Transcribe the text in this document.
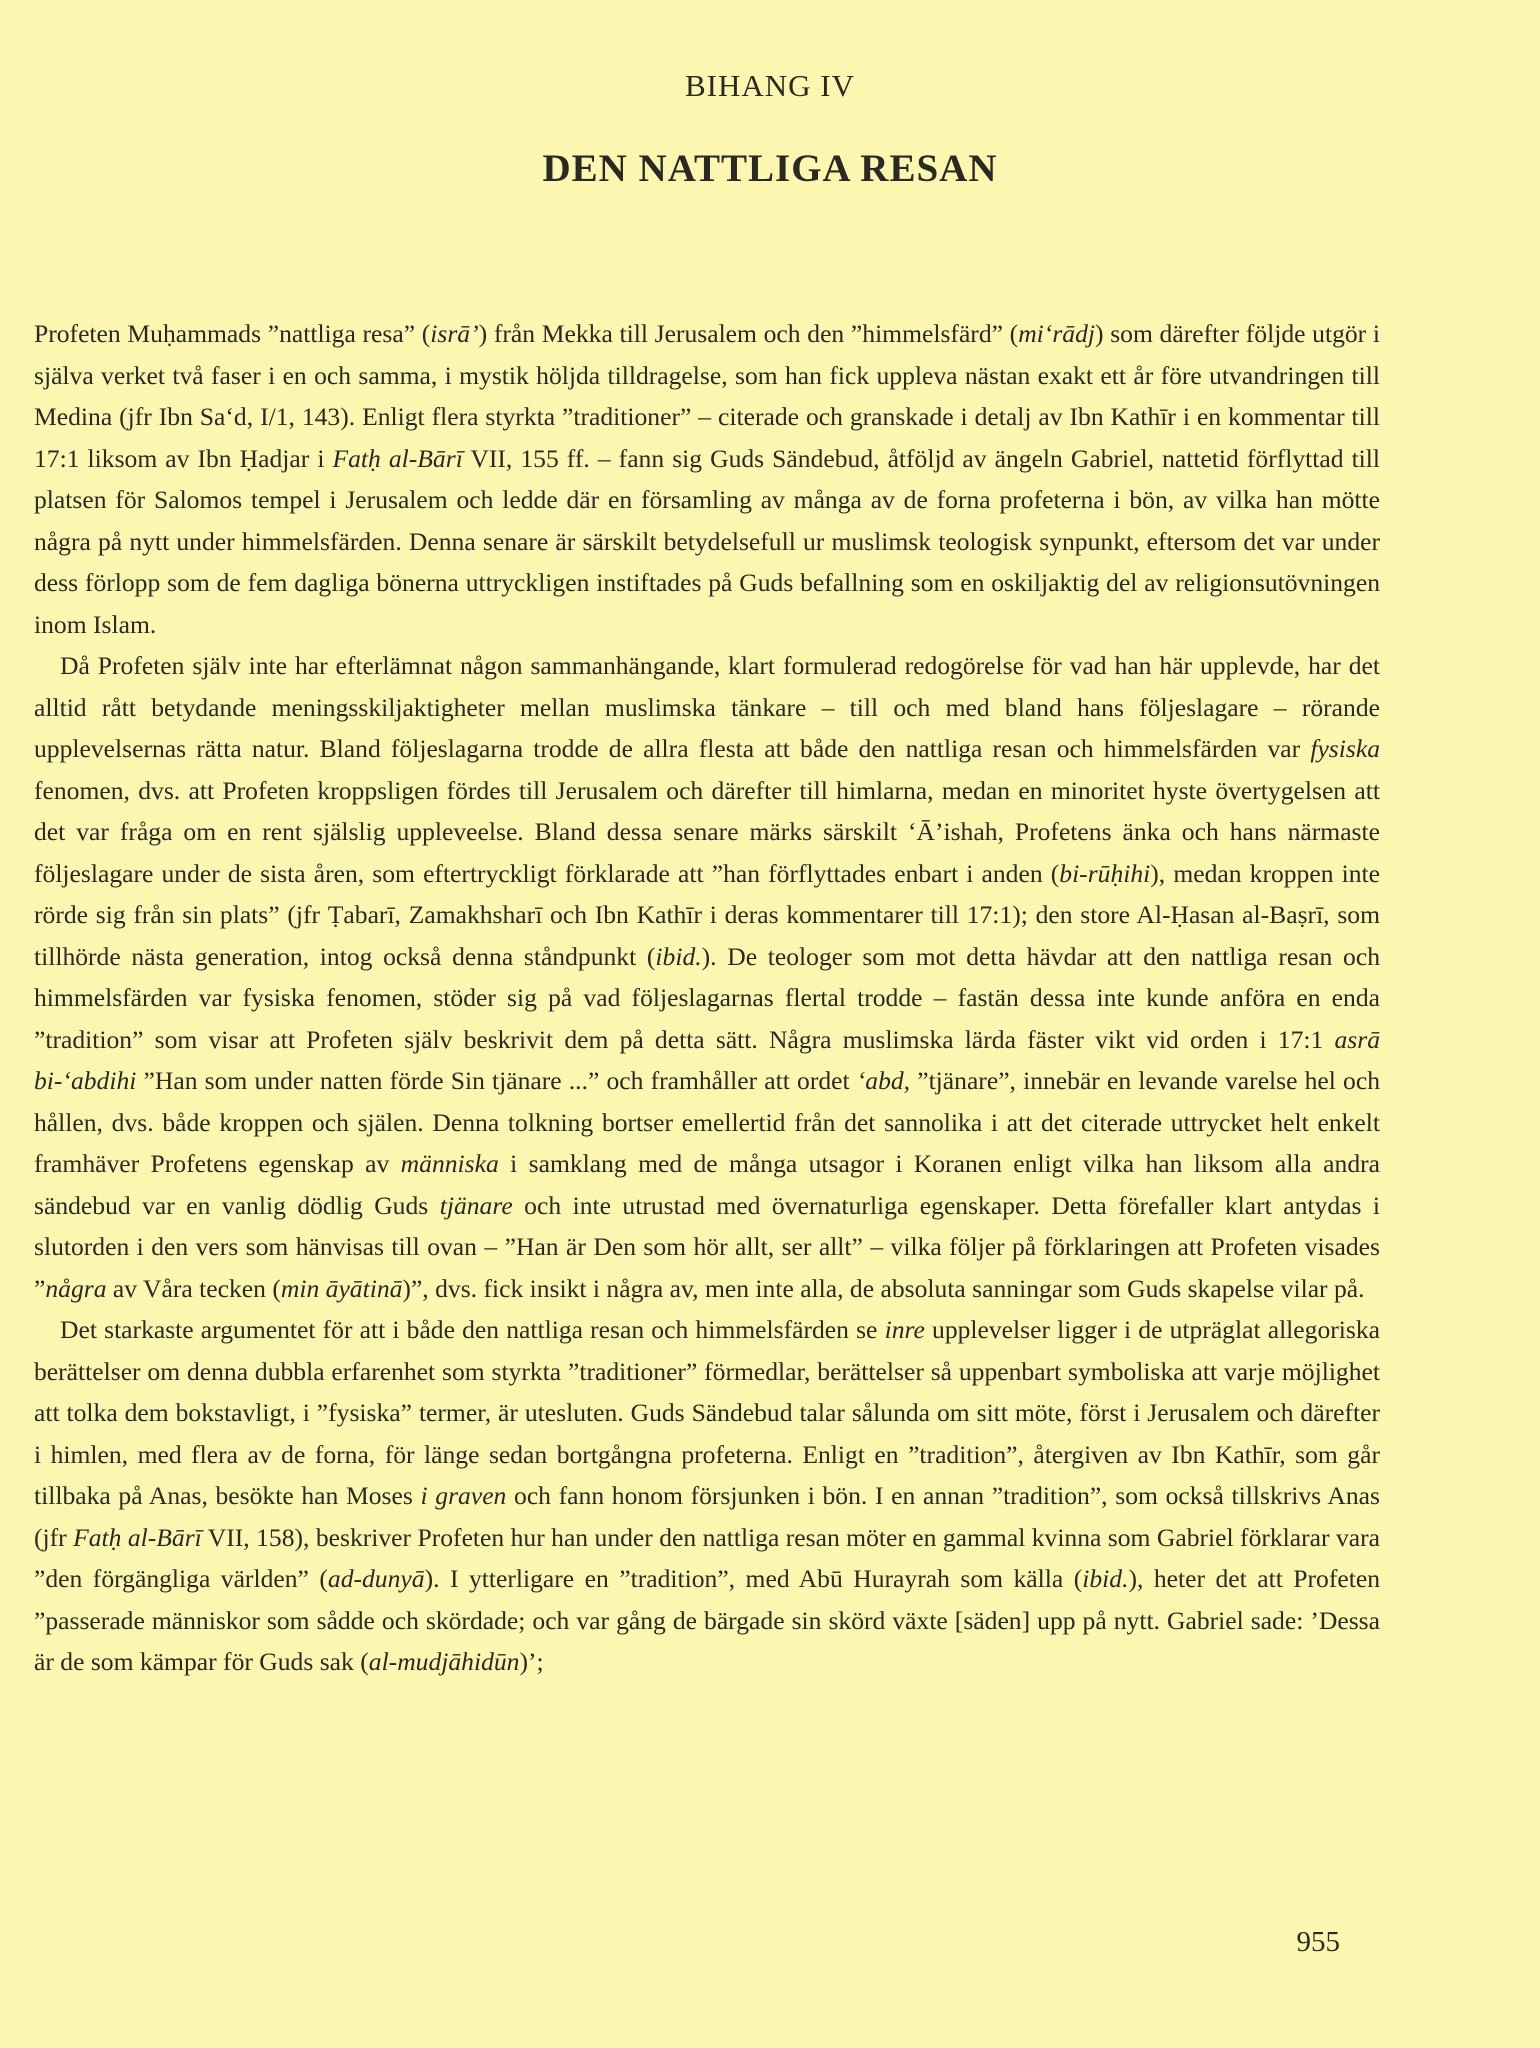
BIHANG IV
DEN NATTLIGA RESAN

Profeten Muḥammads ”nattliga resa” (isrā’) från Mekka till Jerusalem och den ”himmelsfärd” (mi‘rādj) som därefter följde utgör i själva verket två faser i en och samma, i mystik höljda tilldragelse, som han fick uppleva nästan exakt ett år före utvandringen till Medina (jfr Ibn Sa‘d, I/1, 143). Enligt flera styrkta ”traditioner” – citerade och granskade i detalj av Ibn Kathīr i en kommentar till 17:1 liksom av Ibn Ḥadjar i Fatḥ al-Bārī VII, 155 ff. – fann sig Guds Sändebud, åtföljd av ängeln Gabriel, nattetid förflyttad till platsen för Salomos tempel i Jerusalem och ledde där en församling av många av de forna profeterna i bön, av vilka han mötte några på nytt under himmelsfärden. Denna senare är särskilt betydelsefull ur muslimsk teologisk synpunkt, eftersom det var under dess förlopp som de fem dagliga bönerna uttryckligen instiftades på Guds befallning som en oskiljaktig del av religionsutövningen inom Islam.

Då Profeten själv inte har efterlämnat någon sammanhängande, klart formulerad redogörelse för vad han här upplevde, har det alltid rått betydande meningsskiljaktigheter mellan muslimska tänkare – till och med bland hans följeslagare – rörande upplevelsernas rätta natur. Bland följeslagarna trodde de allra flesta att både den nattliga resan och himmelsfärden var fysiska fenomen, dvs. att Profeten kroppsligen fördes till Jerusalem och därefter till himlarna, medan en minoritet hyste övertygelsen att det var fråga om en rent själslig uppleveelse. Bland dessa senare märks särskilt ‘Ā’ishah, Profetens änka och hans närmaste följeslagare under de sista åren, som eftertryckligt förklarade att ”han förflyttades enbart i anden (bi-rūḥihi), medan kroppen inte rörde sig från sin plats” (jfr Ṭabarī, Zamakhsharī och Ibn Kathīr i deras kommentarer till 17:1); den store Al-Ḥasan al-Baṣrī, som tillhörde nästa generation, intog också denna ståndpunkt (ibid.). De teologer som mot detta hävdar att den nattliga resan och himmelsfärden var fysiska fenomen, stöder sig på vad följeslagarnas flertal trodde – fastän dessa inte kunde anföra en enda ”tradition” som visar att Profeten själv beskrivit dem på detta sätt. Några muslimska lärda fäster vikt vid orden i 17:1 asrā bi-‘abdihi ”Han som under natten förde Sin tjänare ...” och framhåller att ordet ‘abd, ”tjänare”, innebär en levande varelse hel och hållen, dvs. både kroppen och själen. Denna tolkning bortser emellertid från det sannolika i att det citerade uttrycket helt enkelt framhäver Profetens egenskap av människa i samklang med de många utsagor i Koranen enligt vilka han liksom alla andra sändebud var en vanlig dödlig Guds tjänare och inte utrustad med övernaturliga egenskaper. Detta förefaller klart antydas i slutorden i den vers som hänvisas till ovan – ”Han är Den som hör allt, ser allt” – vilka följer på förklaringen att Profeten visades ”några av Våra tecken (min āyātinā)”, dvs. fick insikt i några av, men inte alla, de absoluta sanningar som Guds skapelse vilar på.

Det starkaste argumentet för att i både den nattliga resan och himmelsfärden se inre upplevelser ligger i de utpräglat allegoriska berättelser om denna dubbla erfarenhet som styrkta ”traditioner” förmedlar, berättelser så uppenbart symboliska att varje möjlighet att tolka dem bokstavligt, i ”fysiska” termer, är utesluten. Guds Sändebud talar sålunda om sitt möte, först i Jerusalem och därefter i himlen, med flera av de forna, för länge sedan bortgångna profeterna. Enligt en ”tradition”, återgiven av Ibn Kathīr, som går tillbaka på Anas, besökte han Moses i graven och fann honom försjunken i bön. I en annan ”tradition”, som också tillskrivs Anas (jfr Fatḥ al-Bārī VII, 158), beskriver Profeten hur han under den nattliga resan möter en gammal kvinna som Gabriel förklarar vara ”den förgängliga världen” (ad-dunyā). I ytterligare en ”tradition”, med Abū Hurayrah som källa (ibid.), heter det att Profeten ”passerade människor som sådde och skördade; och var gång de bärgade sin skörd växte [säden] upp på nytt. Gabriel sade: ’Dessa är de som kämpar för Guds sak (al-mudjāhidūn)’;

955
